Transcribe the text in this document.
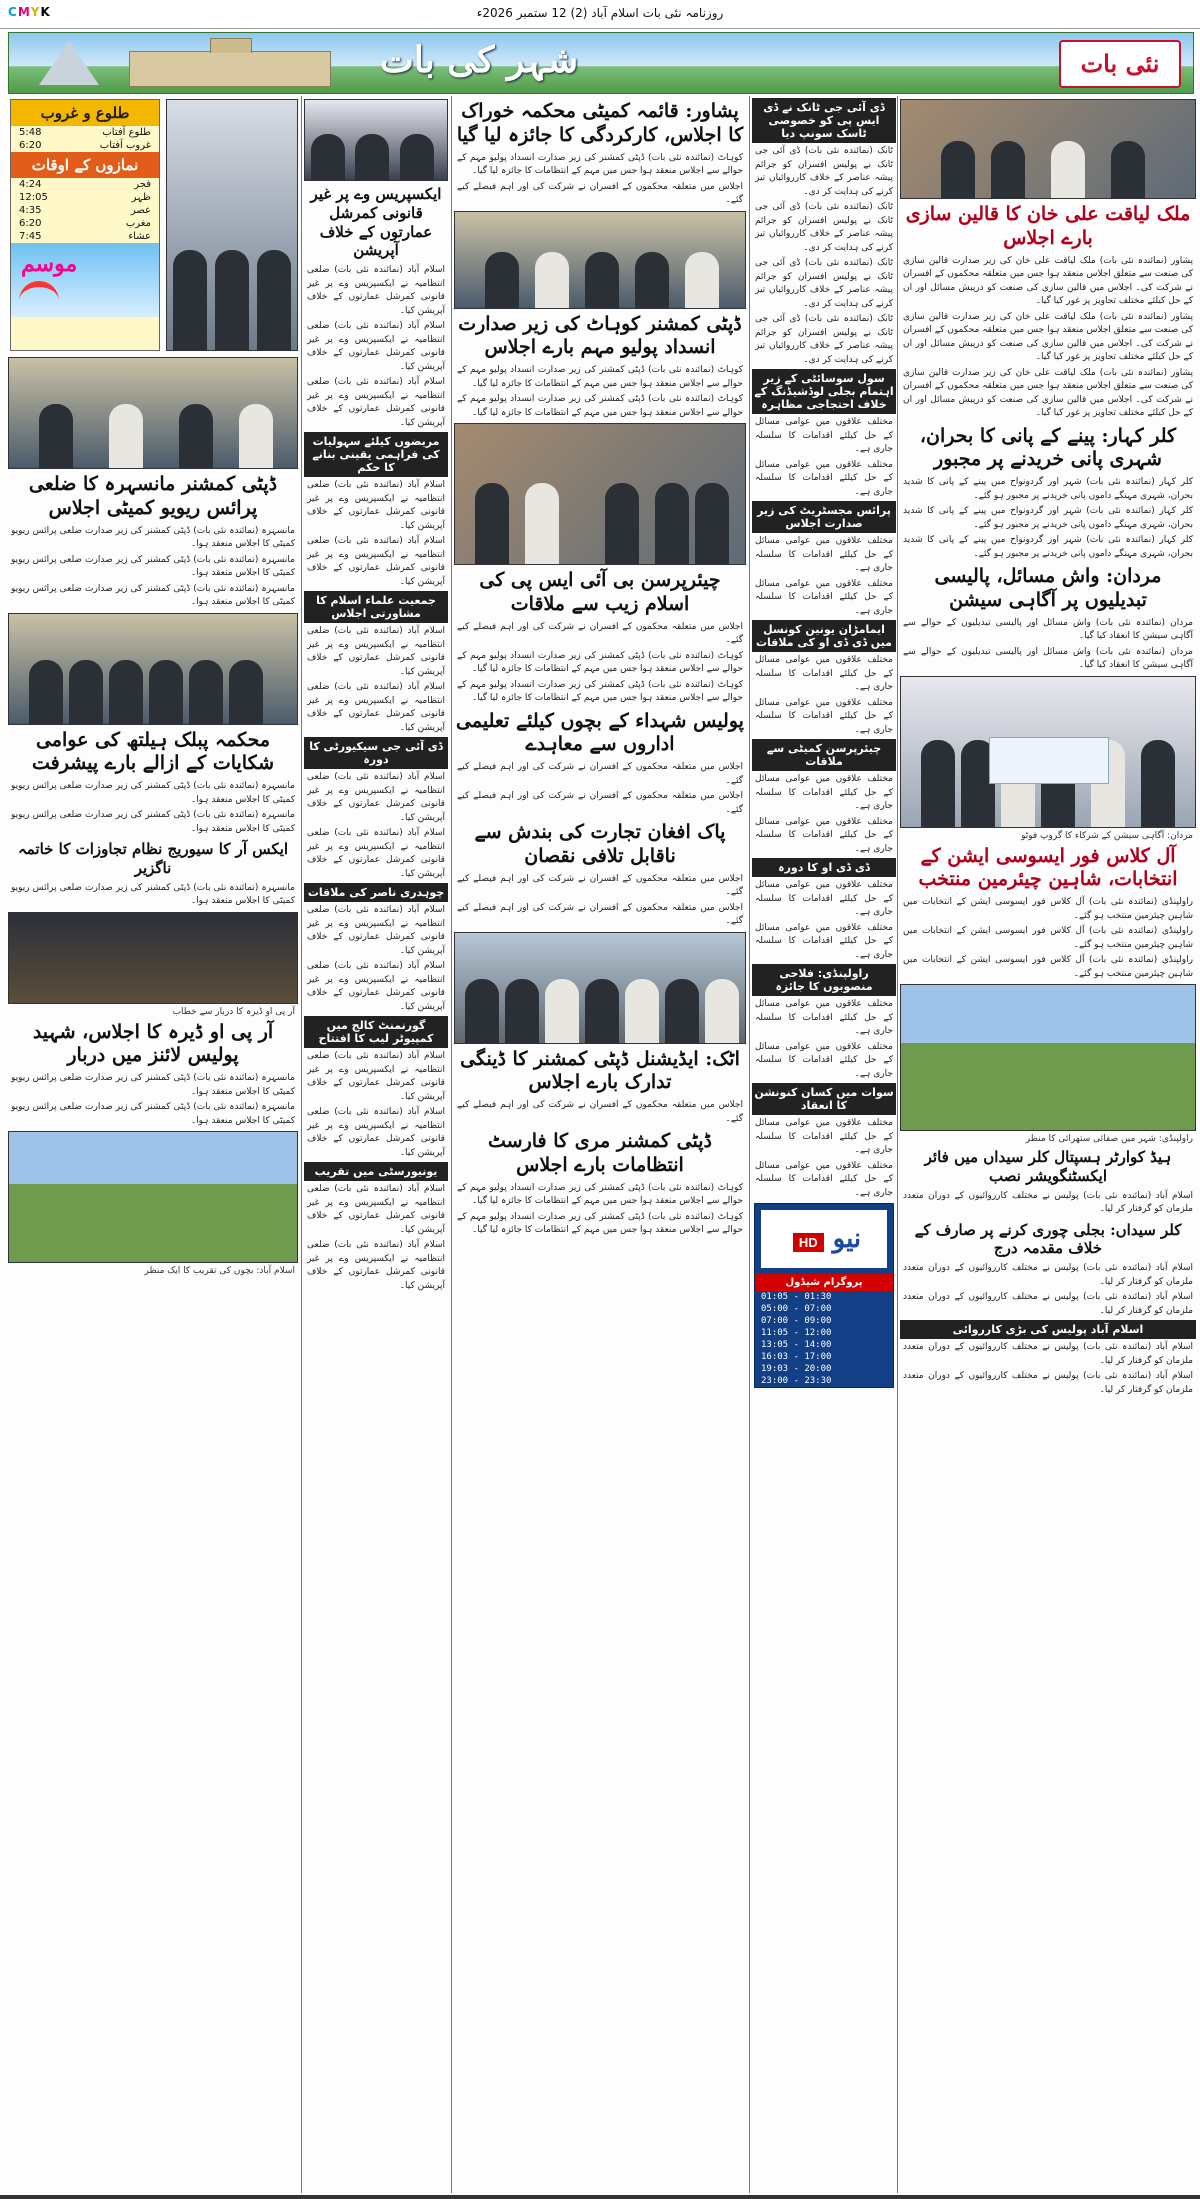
CMYK	روزنامہ نئی بات اسلام آباد (2) 12 ستمبر 2026ء
شہر کی بات	نئی بات
ملک لیاقت علی خان کا قالین سازی بارے اجلاس
پشاور (نمائندہ نئی بات) ملک لیاقت علی خان کی زیر صدارت قالین سازی کی صنعت سے متعلق اجلاس منعقد ہوا جس میں متعلقہ محکموں کے افسران نے شرکت کی۔ اجلاس میں قالین سازی کی صنعت کو درپیش مسائل اور ان کے حل کیلئے مختلف تجاویز پر غور کیا گیا۔
پشاور (نمائندہ نئی بات) ملک لیاقت علی خان کی زیر صدارت قالین سازی کی صنعت سے متعلق اجلاس منعقد ہوا جس میں متعلقہ محکموں کے افسران نے شرکت کی۔ اجلاس میں قالین سازی کی صنعت کو درپیش مسائل اور ان کے حل کیلئے مختلف تجاویز پر غور کیا گیا۔
پشاور (نمائندہ نئی بات) ملک لیاقت علی خان کی زیر صدارت قالین سازی کی صنعت سے متعلق اجلاس منعقد ہوا جس میں متعلقہ محکموں کے افسران نے شرکت کی۔ اجلاس میں قالین سازی کی صنعت کو درپیش مسائل اور ان کے حل کیلئے مختلف تجاویز پر غور کیا گیا۔
کلر کہار: پینے کے پانی کا بحران، شہری پانی خریدنے پر مجبور
کلر کہار (نمائندہ نئی بات) شہر اور گردونواح میں پینے کے پانی کا شدید بحران، شہری مہنگے داموں پانی خریدنے پر مجبور ہو گئے۔
کلر کہار (نمائندہ نئی بات) شہر اور گردونواح میں پینے کے پانی کا شدید بحران، شہری مہنگے داموں پانی خریدنے پر مجبور ہو گئے۔
کلر کہار (نمائندہ نئی بات) شہر اور گردونواح میں پینے کے پانی کا شدید بحران، شہری مہنگے داموں پانی خریدنے پر مجبور ہو گئے۔
مردان: واش مسائل، پالیسی تبدیلیوں پر آگاہی سیشن
مردان (نمائندہ نئی بات) واش مسائل اور پالیسی تبدیلیوں کے حوالے سے آگاہی سیشن کا انعقاد کیا گیا۔
مردان (نمائندہ نئی بات) واش مسائل اور پالیسی تبدیلیوں کے حوالے سے آگاہی سیشن کا انعقاد کیا گیا۔
مردان: آگاہی سیشن کے شرکاء کا گروپ فوٹو
آل کلاس فور ایسوسی ایشن کے انتخابات، شاہین چیئرمین منتخب
راولپنڈی (نمائندہ نئی بات) آل کلاس فور ایسوسی ایشن کے انتخابات میں شاہین چیئرمین منتخب ہو گئے۔
راولپنڈی (نمائندہ نئی بات) آل کلاس فور ایسوسی ایشن کے انتخابات میں شاہین چیئرمین منتخب ہو گئے۔
راولپنڈی (نمائندہ نئی بات) آل کلاس فور ایسوسی ایشن کے انتخابات میں شاہین چیئرمین منتخب ہو گئے۔
راولپنڈی: شہر میں صفائی ستھرائی کا منظر
ہیڈ کوارٹر ہسپتال کلر سیداں میں فائر ایکسٹنگویشر نصب
اسلام آباد (نمائندہ نئی بات) پولیس نے مختلف کارروائیوں کے دوران متعدد ملزمان کو گرفتار کر لیا۔
کلر سیداں: بجلی چوری کرنے پر صارف کے خلاف مقدمہ درج
اسلام آباد (نمائندہ نئی بات) پولیس نے مختلف کارروائیوں کے دوران متعدد ملزمان کو گرفتار کر لیا۔
اسلام آباد (نمائندہ نئی بات) پولیس نے مختلف کارروائیوں کے دوران متعدد ملزمان کو گرفتار کر لیا۔
اسلام آباد پولیس کی بڑی کارروائی
اسلام آباد (نمائندہ نئی بات) پولیس نے مختلف کارروائیوں کے دوران متعدد ملزمان کو گرفتار کر لیا۔
اسلام آباد (نمائندہ نئی بات) پولیس نے مختلف کارروائیوں کے دوران متعدد ملزمان کو گرفتار کر لیا۔
ڈی آئی جی ٹانک نے ڈی ایس پی کو خصوصی ٹاسک سونپ دیا
ٹانک (نمائندہ نئی بات) ڈی آئی جی ٹانک نے پولیس افسران کو جرائم پیشہ عناصر کے خلاف کارروائیاں تیز کرنے کی ہدایت کر دی۔
ٹانک (نمائندہ نئی بات) ڈی آئی جی ٹانک نے پولیس افسران کو جرائم پیشہ عناصر کے خلاف کارروائیاں تیز کرنے کی ہدایت کر دی۔
ٹانک (نمائندہ نئی بات) ڈی آئی جی ٹانک نے پولیس افسران کو جرائم پیشہ عناصر کے خلاف کارروائیاں تیز کرنے کی ہدایت کر دی۔
ٹانک (نمائندہ نئی بات) ڈی آئی جی ٹانک نے پولیس افسران کو جرائم پیشہ عناصر کے خلاف کارروائیاں تیز کرنے کی ہدایت کر دی۔
سول سوسائٹی کے زیر اہتمام بجلی لوڈشیڈنگ کے خلاف احتجاجی مظاہرہ
مختلف علاقوں میں عوامی مسائل کے حل کیلئے اقدامات کا سلسلہ جاری ہے۔
مختلف علاقوں میں عوامی مسائل کے حل کیلئے اقدامات کا سلسلہ جاری ہے۔
پرائس مجسٹریٹ کی زیر صدارت اجلاس
مختلف علاقوں میں عوامی مسائل کے حل کیلئے اقدامات کا سلسلہ جاری ہے۔
مختلف علاقوں میں عوامی مسائل کے حل کیلئے اقدامات کا سلسلہ جاری ہے۔
ایمامڑان یونین کونسل میں ڈی ڈی او کی ملاقات
مختلف علاقوں میں عوامی مسائل کے حل کیلئے اقدامات کا سلسلہ جاری ہے۔
مختلف علاقوں میں عوامی مسائل کے حل کیلئے اقدامات کا سلسلہ جاری ہے۔
چیئرپرسن کمیٹی سے ملاقات
مختلف علاقوں میں عوامی مسائل کے حل کیلئے اقدامات کا سلسلہ جاری ہے۔
مختلف علاقوں میں عوامی مسائل کے حل کیلئے اقدامات کا سلسلہ جاری ہے۔
ڈی ڈی او کا دورہ
مختلف علاقوں میں عوامی مسائل کے حل کیلئے اقدامات کا سلسلہ جاری ہے۔
مختلف علاقوں میں عوامی مسائل کے حل کیلئے اقدامات کا سلسلہ جاری ہے۔
راولپنڈی: فلاحی منصوبوں کا جائزہ
مختلف علاقوں میں عوامی مسائل کے حل کیلئے اقدامات کا سلسلہ جاری ہے۔
مختلف علاقوں میں عوامی مسائل کے حل کیلئے اقدامات کا سلسلہ جاری ہے۔
سوات میں کسان کنونشن کا انعقاد
مختلف علاقوں میں عوامی مسائل کے حل کیلئے اقدامات کا سلسلہ جاری ہے۔
مختلف علاقوں میں عوامی مسائل کے حل کیلئے اقدامات کا سلسلہ جاری ہے۔
نیو HD
پروگرام شیڈول
01:05 - 01:30
05:00 - 07:00
07:00 - 09:00
11:05 - 12:00
13:05 - 14:00
16:03 - 17:00
19:03 - 20:00
23:00 - 23:30
پشاور: قائمہ کمیٹی محکمہ خوراک کا اجلاس، کارکردگی کا جائزہ لیا گیا
کوہاٹ (نمائندہ نئی بات) ڈپٹی کمشنر کی زیر صدارت انسداد پولیو مہم کے حوالے سے اجلاس منعقد ہوا جس میں مہم کے انتظامات کا جائزہ لیا گیا۔
اجلاس میں متعلقہ محکموں کے افسران نے شرکت کی اور اہم فیصلے کیے گئے۔
ڈپٹی کمشنر کوہاٹ کی زیر صدارت انسداد پولیو مہم بارے اجلاس
کوہاٹ (نمائندہ نئی بات) ڈپٹی کمشنر کی زیر صدارت انسداد پولیو مہم کے حوالے سے اجلاس منعقد ہوا جس میں مہم کے انتظامات کا جائزہ لیا گیا۔
کوہاٹ (نمائندہ نئی بات) ڈپٹی کمشنر کی زیر صدارت انسداد پولیو مہم کے حوالے سے اجلاس منعقد ہوا جس میں مہم کے انتظامات کا جائزہ لیا گیا۔
چیئرپرسن بی آئی ایس پی کی اسلام زیب سے ملاقات
اجلاس میں متعلقہ محکموں کے افسران نے شرکت کی اور اہم فیصلے کیے گئے۔
کوہاٹ (نمائندہ نئی بات) ڈپٹی کمشنر کی زیر صدارت انسداد پولیو مہم کے حوالے سے اجلاس منعقد ہوا جس میں مہم کے انتظامات کا جائزہ لیا گیا۔
کوہاٹ (نمائندہ نئی بات) ڈپٹی کمشنر کی زیر صدارت انسداد پولیو مہم کے حوالے سے اجلاس منعقد ہوا جس میں مہم کے انتظامات کا جائزہ لیا گیا۔
پولیس شہداء کے بچوں کیلئے تعلیمی اداروں سے معاہدے
اجلاس میں متعلقہ محکموں کے افسران نے شرکت کی اور اہم فیصلے کیے گئے۔
اجلاس میں متعلقہ محکموں کے افسران نے شرکت کی اور اہم فیصلے کیے گئے۔
پاک افغان تجارت کی بندش سے ناقابل تلافی نقصان
اجلاس میں متعلقہ محکموں کے افسران نے شرکت کی اور اہم فیصلے کیے گئے۔
اجلاس میں متعلقہ محکموں کے افسران نے شرکت کی اور اہم فیصلے کیے گئے۔
اٹک: ایڈیشنل ڈپٹی کمشنر کا ڈینگی تدارک بارے اجلاس
اجلاس میں متعلقہ محکموں کے افسران نے شرکت کی اور اہم فیصلے کیے گئے۔
ڈپٹی کمشنر مری کا فارسٹ انتظامات بارے اجلاس
کوہاٹ (نمائندہ نئی بات) ڈپٹی کمشنر کی زیر صدارت انسداد پولیو مہم کے حوالے سے اجلاس منعقد ہوا جس میں مہم کے انتظامات کا جائزہ لیا گیا۔
کوہاٹ (نمائندہ نئی بات) ڈپٹی کمشنر کی زیر صدارت انسداد پولیو مہم کے حوالے سے اجلاس منعقد ہوا جس میں مہم کے انتظامات کا جائزہ لیا گیا۔
ایکسپریس وے پر غیر قانونی کمرشل عمارتوں کے خلاف آپریشن
اسلام آباد (نمائندہ نئی بات) ضلعی انتظامیہ نے ایکسپریس وے پر غیر قانونی کمرشل عمارتوں کے خلاف آپریشن کیا۔
اسلام آباد (نمائندہ نئی بات) ضلعی انتظامیہ نے ایکسپریس وے پر غیر قانونی کمرشل عمارتوں کے خلاف آپریشن کیا۔
اسلام آباد (نمائندہ نئی بات) ضلعی انتظامیہ نے ایکسپریس وے پر غیر قانونی کمرشل عمارتوں کے خلاف آپریشن کیا۔
مریضوں کیلئے سہولیات کی فراہمی یقینی بنانے کا حکم
اسلام آباد (نمائندہ نئی بات) ضلعی انتظامیہ نے ایکسپریس وے پر غیر قانونی کمرشل عمارتوں کے خلاف آپریشن کیا۔
اسلام آباد (نمائندہ نئی بات) ضلعی انتظامیہ نے ایکسپریس وے پر غیر قانونی کمرشل عمارتوں کے خلاف آپریشن کیا۔
جمعیت علماء اسلام کا مشاورتی اجلاس
اسلام آباد (نمائندہ نئی بات) ضلعی انتظامیہ نے ایکسپریس وے پر غیر قانونی کمرشل عمارتوں کے خلاف آپریشن کیا۔
اسلام آباد (نمائندہ نئی بات) ضلعی انتظامیہ نے ایکسپریس وے پر غیر قانونی کمرشل عمارتوں کے خلاف آپریشن کیا۔
ڈی آئی جی سیکیورٹی کا دورہ
اسلام آباد (نمائندہ نئی بات) ضلعی انتظامیہ نے ایکسپریس وے پر غیر قانونی کمرشل عمارتوں کے خلاف آپریشن کیا۔
اسلام آباد (نمائندہ نئی بات) ضلعی انتظامیہ نے ایکسپریس وے پر غیر قانونی کمرشل عمارتوں کے خلاف آپریشن کیا۔
چوہدری ناصر کی ملاقات
اسلام آباد (نمائندہ نئی بات) ضلعی انتظامیہ نے ایکسپریس وے پر غیر قانونی کمرشل عمارتوں کے خلاف آپریشن کیا۔
اسلام آباد (نمائندہ نئی بات) ضلعی انتظامیہ نے ایکسپریس وے پر غیر قانونی کمرشل عمارتوں کے خلاف آپریشن کیا۔
گورنمنٹ کالج میں کمپیوٹر لیب کا افتتاح
اسلام آباد (نمائندہ نئی بات) ضلعی انتظامیہ نے ایکسپریس وے پر غیر قانونی کمرشل عمارتوں کے خلاف آپریشن کیا۔
اسلام آباد (نمائندہ نئی بات) ضلعی انتظامیہ نے ایکسپریس وے پر غیر قانونی کمرشل عمارتوں کے خلاف آپریشن کیا۔
یونیورسٹی میں تقریب
اسلام آباد (نمائندہ نئی بات) ضلعی انتظامیہ نے ایکسپریس وے پر غیر قانونی کمرشل عمارتوں کے خلاف آپریشن کیا۔
اسلام آباد (نمائندہ نئی بات) ضلعی انتظامیہ نے ایکسپریس وے پر غیر قانونی کمرشل عمارتوں کے خلاف آپریشن کیا۔
طلوع و غروب
5:48	طلوع آفتاب
6:20	غروب آفتاب
نمازوں کے اوقات
4:24	فجر
12:05	ظہر
4:35	عصر
6:20	مغرب
7:45	عشاء
موسم
ڈپٹی کمشنر مانسہرہ کا ضلعی پرائس ریویو کمیٹی اجلاس
مانسہرہ (نمائندہ نئی بات) ڈپٹی کمشنر کی زیر صدارت ضلعی پرائس ریویو کمیٹی کا اجلاس منعقد ہوا۔
مانسہرہ (نمائندہ نئی بات) ڈپٹی کمشنر کی زیر صدارت ضلعی پرائس ریویو کمیٹی کا اجلاس منعقد ہوا۔
مانسہرہ (نمائندہ نئی بات) ڈپٹی کمشنر کی زیر صدارت ضلعی پرائس ریویو کمیٹی کا اجلاس منعقد ہوا۔
محکمہ پبلک ہیلتھ کی عوامی شکایات کے ازالے بارے پیشرفت
مانسہرہ (نمائندہ نئی بات) ڈپٹی کمشنر کی زیر صدارت ضلعی پرائس ریویو کمیٹی کا اجلاس منعقد ہوا۔
مانسہرہ (نمائندہ نئی بات) ڈپٹی کمشنر کی زیر صدارت ضلعی پرائس ریویو کمیٹی کا اجلاس منعقد ہوا۔
ایکس آر کا سیوریج نظام تجاوزات کا خاتمہ ناگزیر
مانسہرہ (نمائندہ نئی بات) ڈپٹی کمشنر کی زیر صدارت ضلعی پرائس ریویو کمیٹی کا اجلاس منعقد ہوا۔
آر پی او ڈیرہ کا دربار سے خطاب
آر پی او ڈیرہ کا اجلاس، شہید پولیس لائنز میں دربار
مانسہرہ (نمائندہ نئی بات) ڈپٹی کمشنر کی زیر صدارت ضلعی پرائس ریویو کمیٹی کا اجلاس منعقد ہوا۔
مانسہرہ (نمائندہ نئی بات) ڈپٹی کمشنر کی زیر صدارت ضلعی پرائس ریویو کمیٹی کا اجلاس منعقد ہوا۔
اسلام آباد: بچوں کی تقریب کا ایک منظر
